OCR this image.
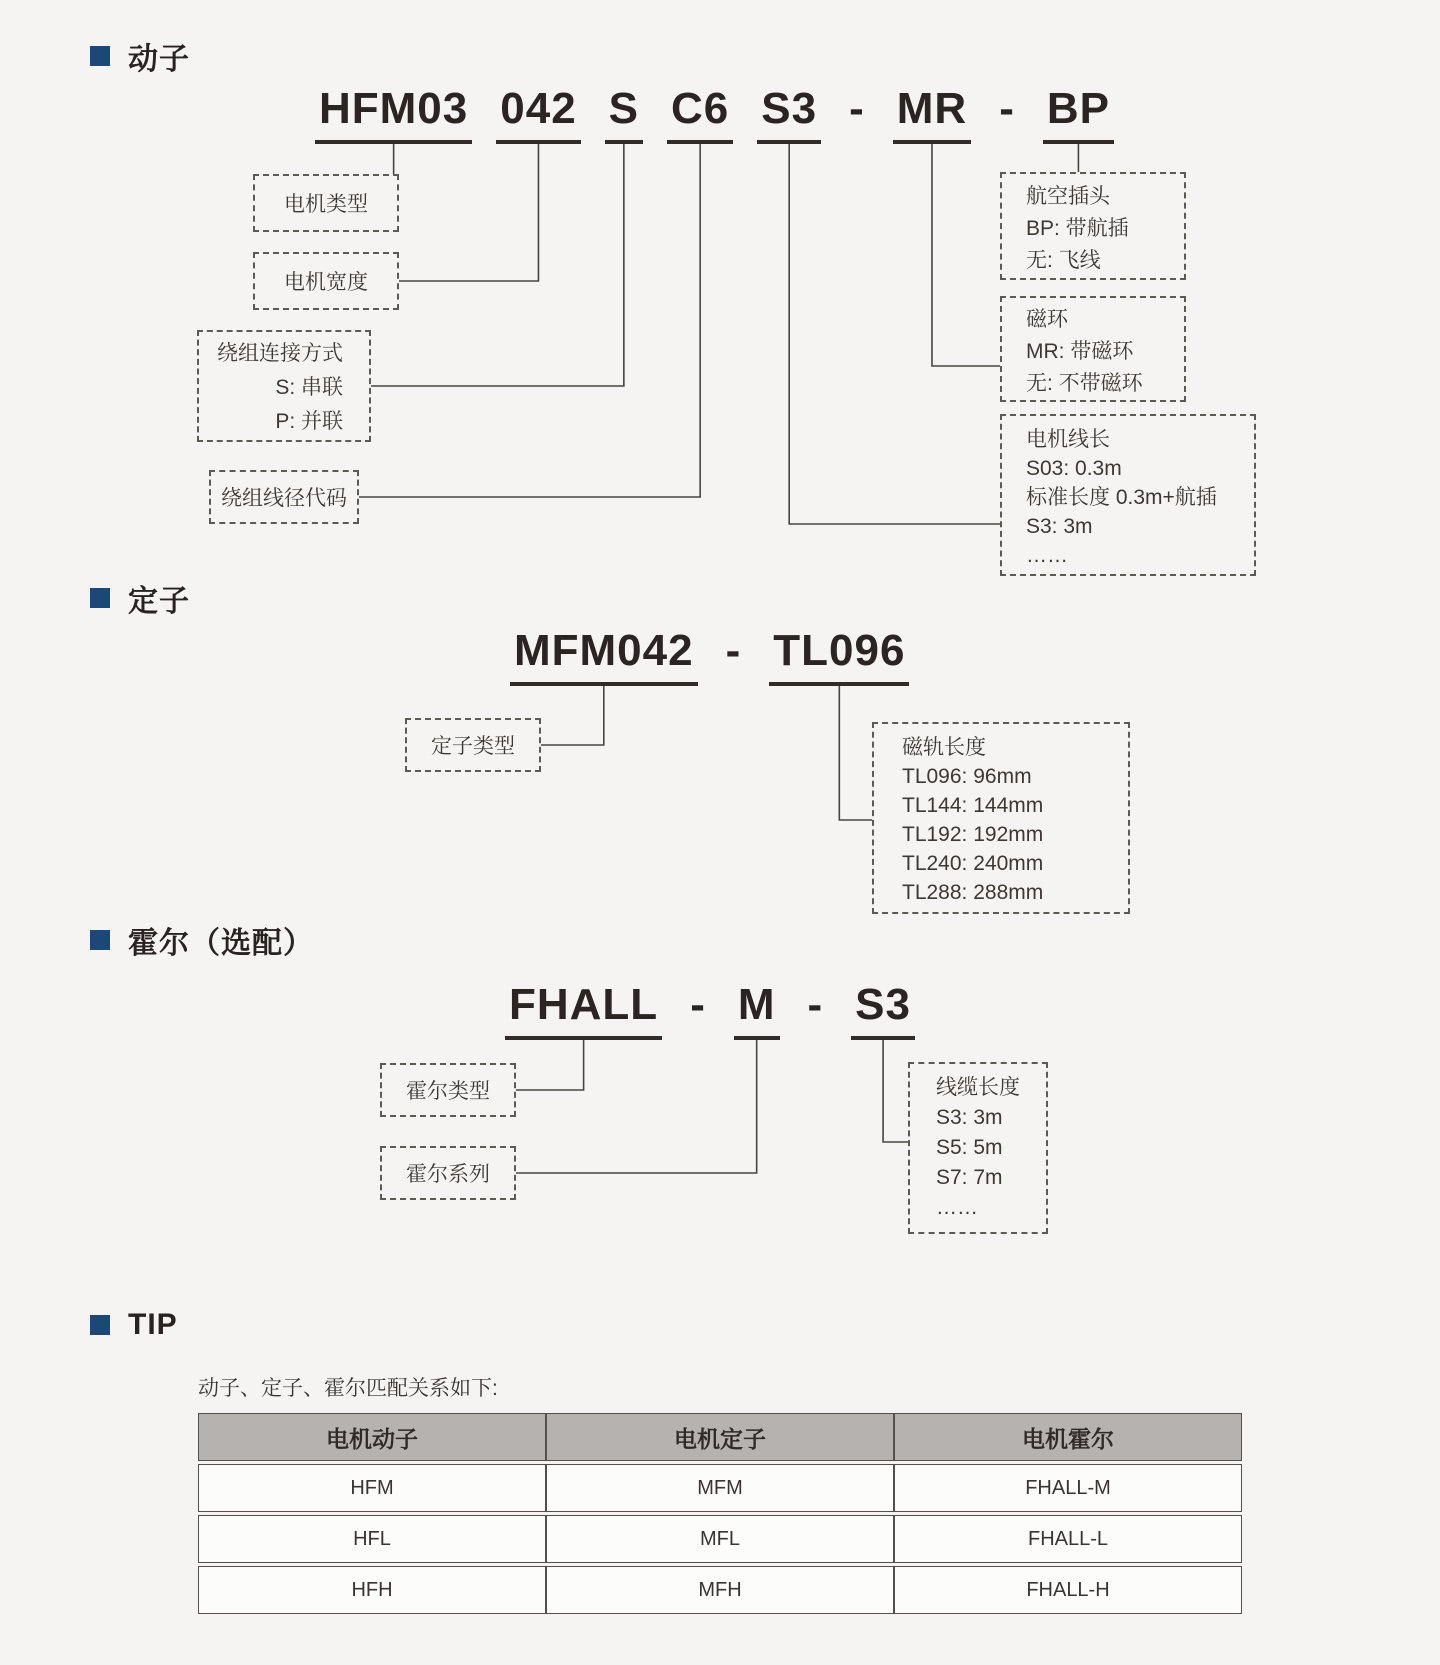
动子
HFM03 042 S C6 S3 - MR - BP
电机类型
电机宽度
绕组连接方式
S: 串联
P: 并联
绕组线径代码
航空插头
BP: 带航插
无: 飞线
磁环
MR: 带磁环
无: 不带磁环
电机线长
S03: 0.3m
标准长度 0.3m+航插
S3: 3m
……
定子
MFM042 - TL096
定子类型	磁轨长度
TL096: 96mm
TL144: 144mm
TL192: 192mm
TL240: 240mm
TL288: 288mm
霍尔（选配）
FHALL - M - S3
霍尔类型
霍尔系列
线缆长度
S3: 3m
S5: 5m
S7: 7m
……
TIP
动子、定子、霍尔匹配关系如下:
电机动子	电机定子	电机霍尔
HFM	MFM	FHALL-M
HFL	MFL	FHALL-L
HFH	MFH	FHALL-H
